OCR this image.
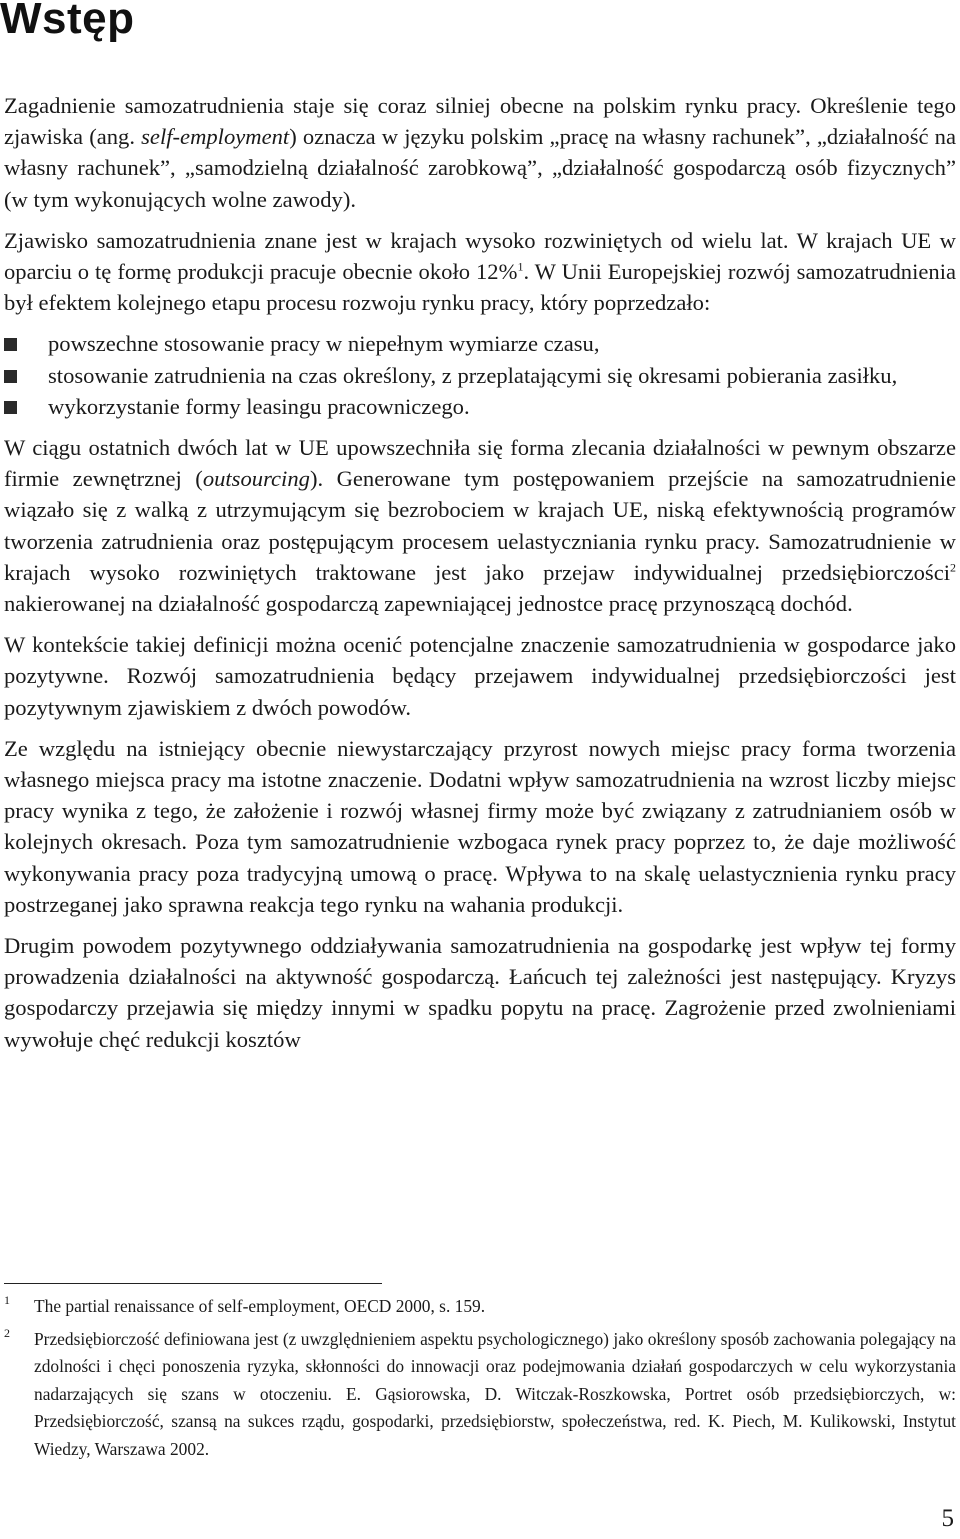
Wstęp

Zagadnienie samozatrudnienia staje się coraz silniej obecne na polskim rynku pracy. Określenie tego zjawiska (ang. self-employment) oznacza w języku polskim „pracę na własny rachunek”, „działalność na własny rachunek”, „samodzielną działalność zarobkową”, „działalność gospodarczą osób fizycznych” (w tym wykonujących wolne zawody).

Zjawisko samozatrudnienia znane jest w krajach wysoko rozwiniętych od wielu lat. W krajach UE w oparciu o tę formę produkcji pracuje obecnie około 12%$^1$. W Unii Europejskiej rozwój samozatrudnienia był efektem kolejnego etapu procesu rozwoju rynku pracy, który poprzedzało:

powszechne stosowanie pracy w niepełnym wymiarze czasu,
stosowanie zatrudnienia na czas określony, z przeplatającymi się okresami pobierania zasiłku,
wykorzystanie formy leasingu pracowniczego.

W ciągu ostatnich dwóch lat w UE upowszechniła się forma zlecania działalności w pewnym obszarze firmie zewnętrznej (outsourcing). Generowane tym postępowaniem przejście na samozatrudnienie wiązało się z walką z utrzymującym się bezrobociem w krajach UE, niską efektywnością programów tworzenia zatrudnienia oraz postępującym procesem uelastyczniania rynku pracy. Samozatrudnienie w krajach wysoko rozwiniętych traktowane jest jako przejaw indywidualnej przedsiębiorczości$^2$ nakierowanej na działalność gospodarczą zapewniającej jednostce pracę przynoszącą dochód.

W kontekście takiej definicji można ocenić potencjalne znaczenie samozatrudnienia w gospodarce jako pozytywne. Rozwój samozatrudnienia będący przejawem indywidualnej przedsiębiorczości jest pozytywnym zjawiskiem z dwóch powodów.

Ze względu na istniejący obecnie niewystarczający przyrost nowych miejsc pracy forma tworzenia własnego miejsca pracy ma istotne znaczenie. Dodatni wpływ samozatrudnienia na wzrost liczby miejsc pracy wynika z tego, że założenie i rozwój własnej firmy może być związany z zatrudnianiem osób w kolejnych okresach. Poza tym samozatrudnienie wzbogaca rynek pracy poprzez to, że daje możliwość wykonywania pracy poza tradycyjną umową o pracę. Wpływa to na skalę uelastycznienia rynku pracy postrzeganej jako sprawna reakcja tego rynku na wahania produkcji.

Drugim powodem pozytywnego oddziaływania samozatrudnienia na gospodarkę jest wpływ tej formy prowadzenia działalności na aktywność gospodarczą. Łańcuch tej zależności jest następujący. Kryzys gospodarczy przejawia się między innymi w spadku popytu na pracę. Zagrożenie przed zwolnieniami wywołuje chęć redukcji kosztów

1 The partial renaissance of self-employment, OECD 2000, s. 159.
2 Przedsiębiorczość definiowana jest (z uwzględnieniem aspektu psychologicznego) jako określony sposób zachowania polegający na zdolności i chęci ponoszenia ryzyka, skłonności do innowacji oraz podejmowania działań gospodarczych w celu wykorzystania nadarzających się szans w otoczeniu. E. Gąsiorowska, D. Witczak-Roszkowska, Portret osób przedsiębiorczych, w: Przedsiębiorczość, szansą na sukces rządu, gospodarki, przedsiębiorstw, społeczeństwa, red. K. Piech, M. Kulikowski, Instytut Wiedzy, Warszawa 2002.
5
